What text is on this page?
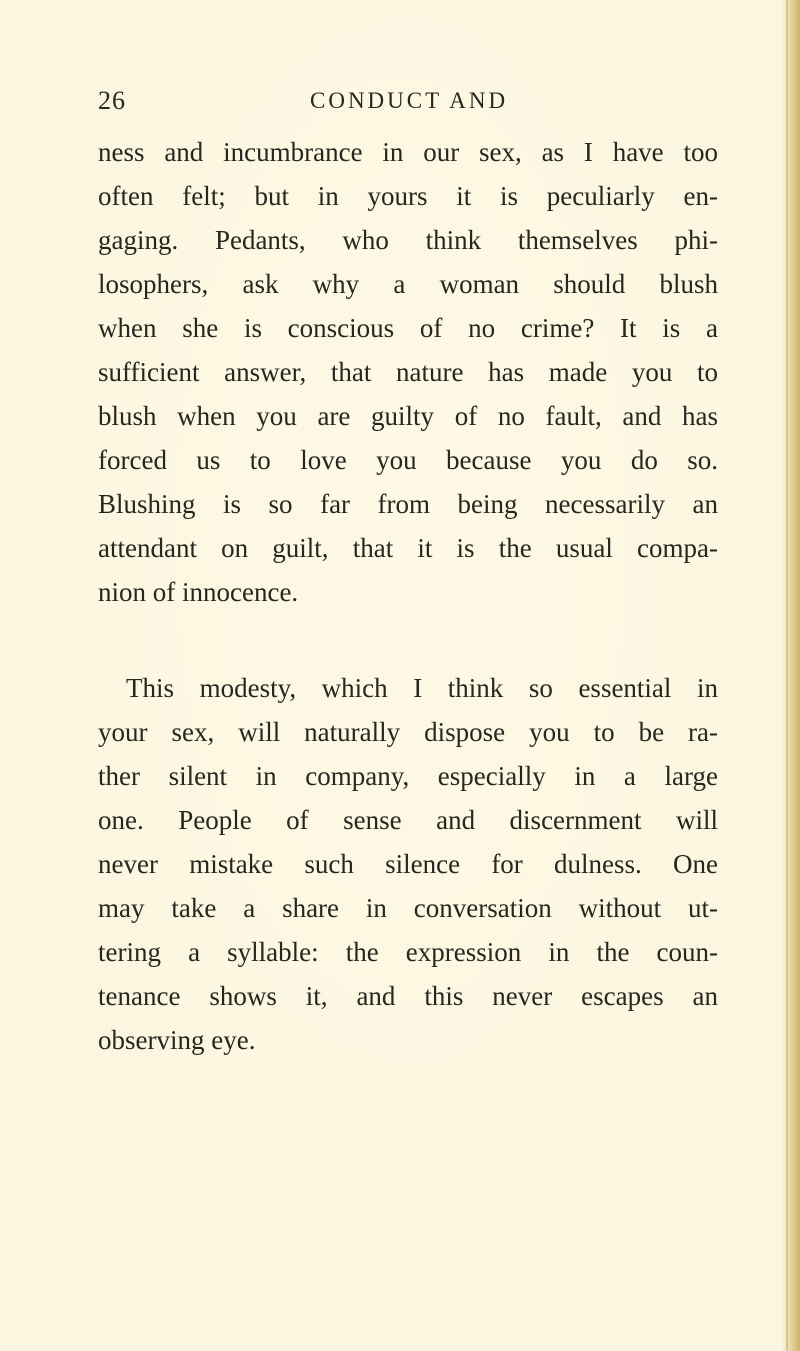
26	CONDUCT AND

ness and incumbrance in our sex, as I have too
often felt; but in yours it is peculiarly en-
gaging. Pedants, who think themselves phi-
losophers, ask why a woman should blush
when she is conscious of no crime? It is a
sufficient answer, that nature has made you to
blush when you are guilty of no fault, and has
forced us to love you because you do so.
Blushing is so far from being necessarily an
attendant on guilt, that it is the usual compa-
nion of innocence.

This modesty, which I think so essential in
your sex, will naturally dispose you to be ra-
ther silent in company, especially in a large
one. People of sense and discernment will
never mistake such silence for dulness. One
may take a share in conversation without ut-
tering a syllable: the expression in the coun-
tenance shows it, and this never escapes an
observing eye.
